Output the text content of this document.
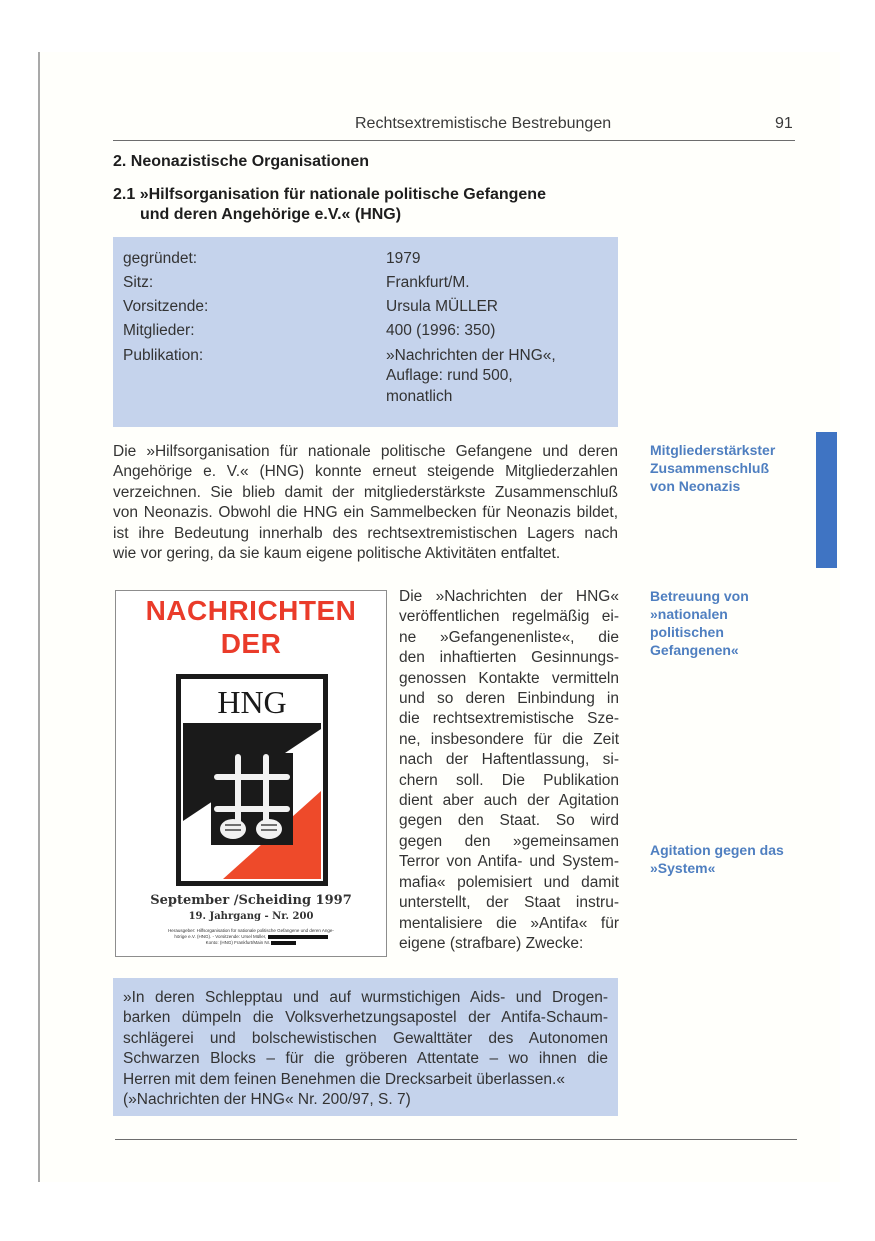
Rechtsextremistische Bestrebungen	91
2. Neonazistische Organisationen
2.1 »Hilfsorganisation für nationale politische Gefangene
und deren Angehörige e.V.« (HNG)
gegründet:	1979
Sitz:	Frankfurt/M.
Vorsitzende:	Ursula MÜLLER
Mitglieder:	400 (1996: 350)
Publikation:	»Nachrichten der HNG«,
Auflage: rund 500,
monatlich
Die »Hilfsorganisation für nationale politische Gefangene und deren
Angehörige e. V.« (HNG) konnte erneut steigende Mitgliederzahlen
verzeichnen. Sie blieb damit der mitgliederstärkste Zusammenschluß
von Neonazis. Obwohl die HNG ein Sammelbecken für Neonazis bildet,
ist ihre Bedeutung innerhalb des rechtsextremistischen Lagers nach
wie vor gering, da sie kaum eigene politische Aktivitäten entfaltet.
Mitgliederstärkster
Zusammenschluß
von Neonazis
Betreuung von
»nationalen
politischen
Gefangenen«
Agitation gegen das
»System«
NACHRICHTEN
DER
HNG
September /Scheiding 1997
19. Jahrgang - Nr. 200
Herausgeber: Hilfsorganisation für nationale politische Gefangene und deren Ange-
hörige e.V. (HNG). - Vorsitzende: Ursel Müller,
Konto: (HNG) Frankfurt/Main Nr.
Die »Nachrichten der HNG«
veröffentlichen regelmäßig ei-
ne »Gefangenenliste«, die
den inhaftierten Gesinnungs-
genossen Kontakte vermitteln
und so deren Einbindung in
die rechtsextremistische Sze-
ne, insbesondere für die Zeit
nach der Haftentlassung, si-
chern soll. Die Publikation
dient aber auch der Agitation
gegen den Staat. So wird
gegen den »gemeinsamen
Terror von Antifa- und System-
mafia« polemisiert und damit
unterstellt, der Staat instru-
mentalisiere die »Antifa« für
eigene (strafbare) Zwecke:
»In deren Schlepptau und auf wurmstichigen Aids- und Drogen-
barken dümpeln die Volksverhetzungsapostel der Antifa-Schaum-
schlägerei und bolschewistischen Gewalttäter des Autonomen
Schwarzen Blocks – für die gröberen Attentate – wo ihnen die
Herren mit dem feinen Benehmen die Drecksarbeit überlassen.«
(»Nachrichten der HNG« Nr. 200/97, S. 7)
